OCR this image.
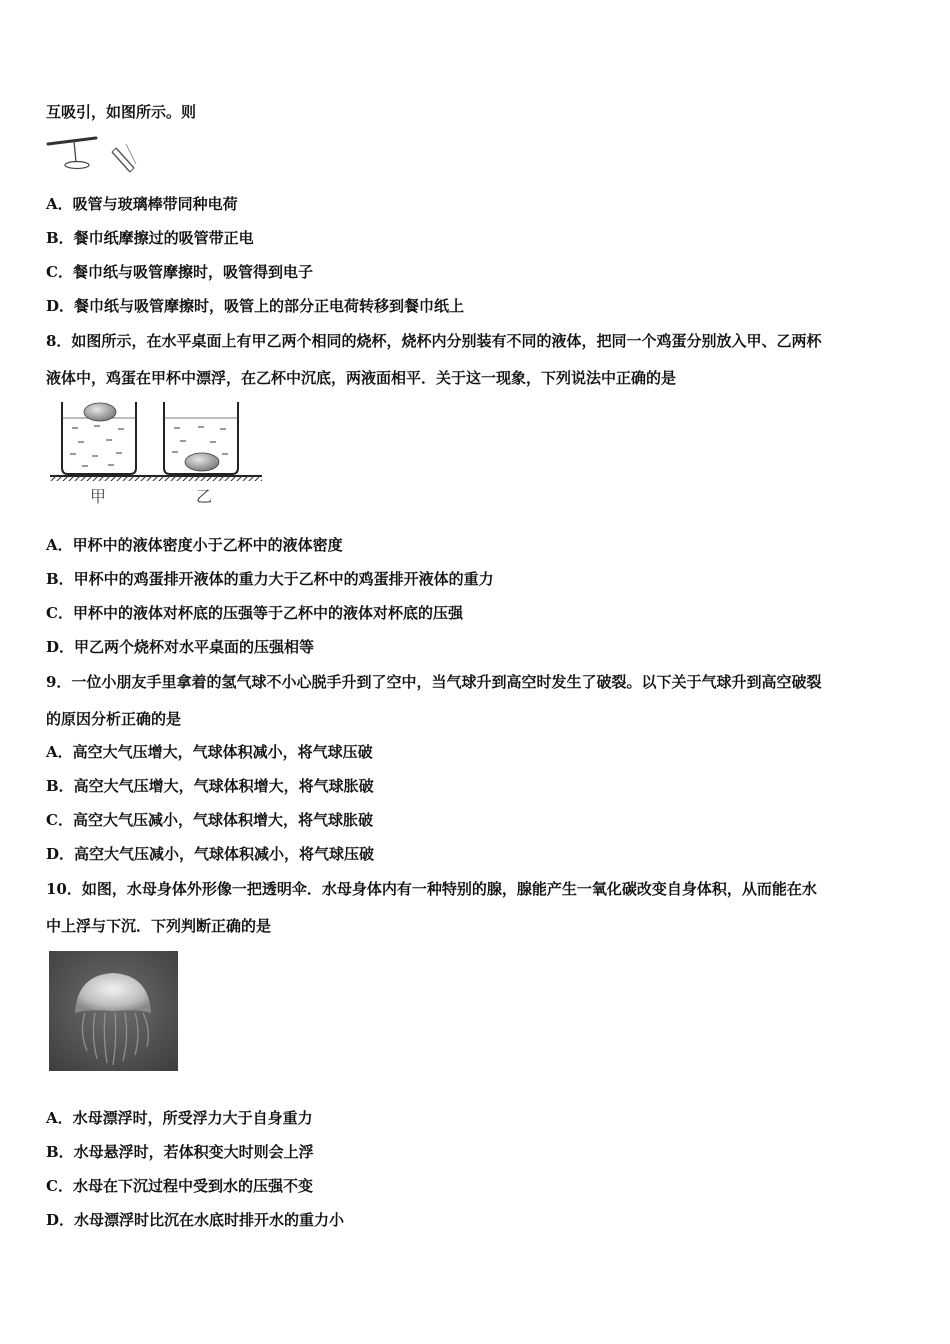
互吸引，如图所示。则
A．吸管与玻璃棒带同种电荷
B．餐巾纸摩擦过的吸管带正电
C．餐巾纸与吸管摩擦时，吸管得到电子
D．餐巾纸与吸管摩擦时，吸管上的部分正电荷转移到餐巾纸上
8．如图所示，在水平桌面上有甲乙两个相同的烧杯，烧杯内分别装有不同的液体，把同一个鸡蛋分别放入甲、乙两杯
液体中，鸡蛋在甲杯中漂浮，在乙杯中沉底，两液面相平．关于这一现象，下列说法中正确的是
甲	乙
A．甲杯中的液体密度小于乙杯中的液体密度
B．甲杯中的鸡蛋排开液体的重力大于乙杯中的鸡蛋排开液体的重力
C．甲杯中的液体对杯底的压强等于乙杯中的液体对杯底的压强
D．甲乙两个烧杯对水平桌面的压强相等
9．一位小朋友手里拿着的氢气球不小心脱手升到了空中，当气球升到高空时发生了破裂。以下关于气球升到高空破裂
的原因分析正确的是
A．高空大气压增大，气球体积减小，将气球压破
B．高空大气压增大，气球体积增大，将气球胀破
C．高空大气压减小，气球体积增大，将气球胀破
D．高空大气压减小，气球体积减小，将气球压破
10．如图，水母身体外形像一把透明伞．水母身体内有一种特别的腺，腺能产生一氧化碳改变自身体积，从而能在水
中上浮与下沉．下列判断正确的是
A．水母漂浮时，所受浮力大于自身重力
B．水母悬浮时，若体积变大时则会上浮
C．水母在下沉过程中受到水的压强不变
D．水母漂浮时比沉在水底时排开水的重力小
